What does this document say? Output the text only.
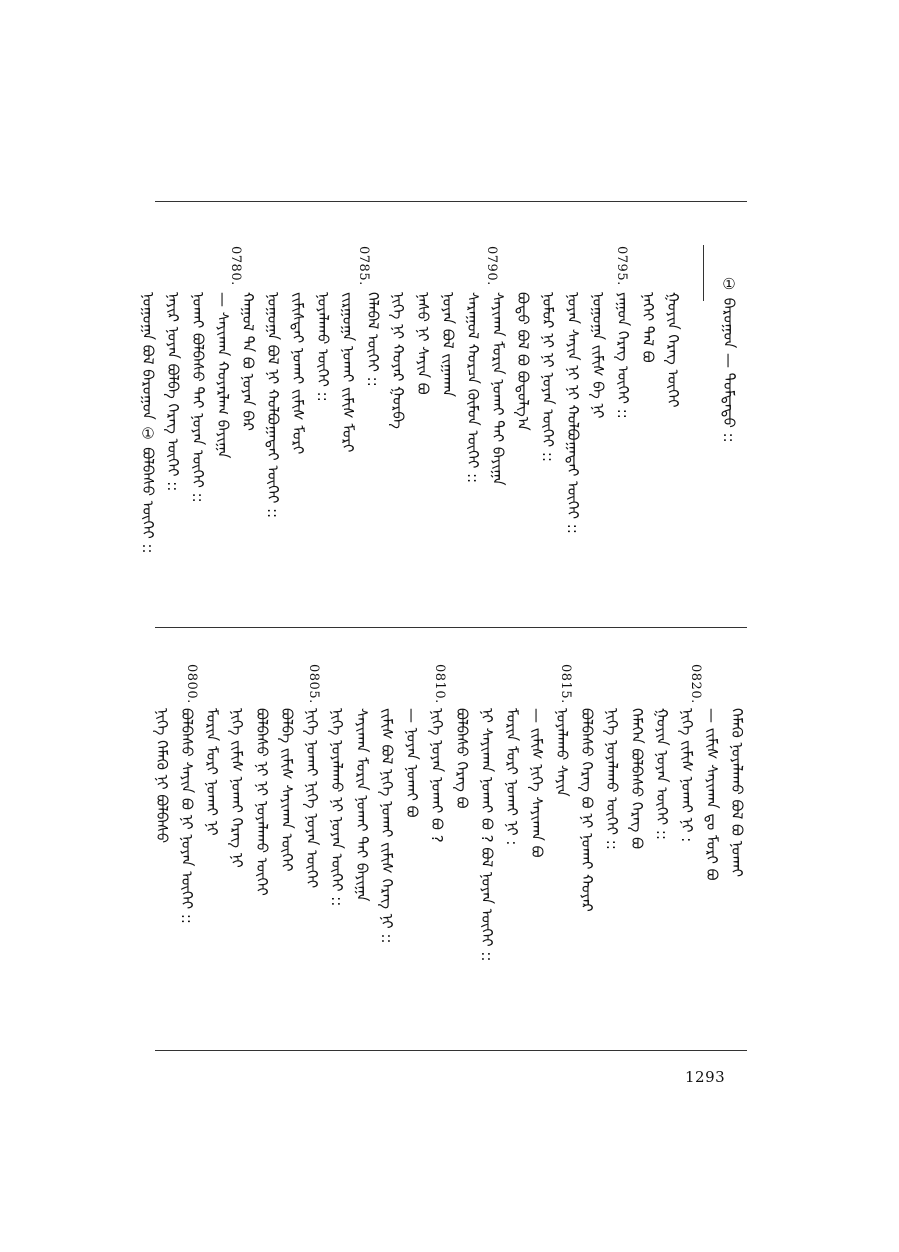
① ᠪᠠᠷᠤᠭᠤᠨ — ᠳᠤᠮᠳᠠᠳᠤ ::
0795.
0790.
0785.
0780.
ᠭᠤᠶᠢᠨ ᠬᠡᠷᠡᠭ ᠦᠭᠡᠢ
ᠨᠡᠬᠡᠢ ᠳᠡᠯ ᠪᠣ
ᠶᠠᠭᠤᠨ ᠬᠡᠷᠡᠭ ᠦᠭᠡᠢ ::
ᠨᠣᠭᠤᠭᠠ ᠵᠢᠮᠢᠰ ᠪᠠ ᠨᠢ
ᠨᠣᠶᠠᠨ ᠰᠠᠶᠢᠨ ᠨᠢ ᠨᠢ ᠬᠣᠯᠪᠣᠭᠠᠳᠠᠢ ᠦᠭᠡᠢ ::
ᠨᠣᠮᠣᠷ ᠨᠢ ᠨᠢ ᠨᠣᠶᠠᠨ ᠦᠭᠡᠢ ::
ᠪᠣᠳᠣ ᠪᠣᠯ ᠪᠣ ᠪᠣᠳᠣᠯᠭ᠎ᠠ
ᠰᠠᠶᠢᠬᠠᠨ ᠮᠣᠷᠢᠨ ᠨᠣᠬᠠᠢ ᠲᠠᠢ ᠪᠠᠶᠢᠭᠠ
ᠰᠠᠷᠠᠭᠤᠯ ᠬᠤᠷᠴᠠ ᠬᠦᠮᠦᠨ ᠦᠭᠡᠢ ::
ᠨᠣᠶᠠᠨ ᠪᠣᠯ ᠵᠢᠭᠠᠬᠠᠨ
ᠨᠠᠰᠤ ᠨᠢ ᠰᠠᠶᠢᠨ ᠪᠣ
ᠨᠢᠭᠡ ᠨᠢ ᠬᠣᠶᠠᠷ ᠭᠤᠷᠪᠠ
ᠬᠡᠯᠡᠪᠡᠯ ᠦᠭᠡᠢ ::
ᠵᠢᠷᠭᠤᠭᠠ ᠨᠣᠬᠠᠢ ᠵᠢᠮᠢᠰ ᠮᠣᠷᠢ
ᠨᠣᠶᠠᠯᠠᠬᠤ ᠦᠭᠡᠢ ::
ᠵᠢᠮᠢᠰᠲᠡᠢ ᠨᠣᠬᠠᠢ ᠵᠢᠮᠢᠰ ᠮᠣᠷᠢ
ᠨᠣᠭᠤᠭᠠ ᠪᠣᠯ ᠨᠢ ᠬᠣᠯᠪᠣᠭᠠᠳᠠᠢ ᠦᠭᠡᠢ ::
ᠬᠠᠭᠤᠯ ᠲᠠ ᠪᠣ ᠨᠣᠶᠠᠨ ᠪᠡᠷ
— ᠰᠠᠶᠢᠬᠠᠨ ᠬᠣᠶᠠᠷᠯᠠᠭ ᠪᠠᠶᠢᠭᠠ
ᠨᠣᠬᠠᠢ ᠪᠣᠯᠪᠠᠰᠤ ᠲᠠᠢ ᠨᠣᠶᠠᠨ ᠦᠭᠡᠢ ::
ᠨᠠᠶᠢᠷ ᠨᠣᠶᠠᠨ ᠪᠣᠯᠪᠠ ᠬᠡᠷᠡᠭ ᠦᠭᠡᠢ ::
ᠨᠣᠭᠤᠭᠠ ᠪᠣᠯ ᠪᠠᠷᠤᠭᠤᠨ ① ᠪᠣᠯᠪᠠᠰᠤ ᠦᠭᠡᠢ ::
0820.
0815.
0810.
0805.
0800.
ᠬᠡᠮᠡᠬᠦ ᠨᠣᠶᠠᠯᠠᠬᠤ ᠪᠣᠯ ᠪᠣ ᠨᠣᠬᠠᠢ
— ᠵᠢᠮᠢᠰ ᠰᠠᠶᠢᠬᠠᠨ ᠳᠤ ᠮᠣᠷᠢ ᠪᠣ
ᠨᠢᠭᠡ ᠵᠢᠮᠢᠰ ᠨᠣᠬᠠᠢ ᠨᠢ :
ᠭᠤᠶᠢᠨ ᠨᠣᠶᠠᠨ ᠦᠭᠡᠢ ::
ᠬᠡᠮᠡᠭᠡᠨ ᠪᠣᠯᠪᠠᠰᠤ ᠬᠡᠷᠡᠭ ᠪᠣ
ᠨᠢᠭᠡ ᠨᠣᠶᠠᠯᠠᠬᠤ ᠦᠭᠡᠢ ::
ᠪᠣᠯᠪᠠᠰᠤ ᠬᠡᠷᠡᠭ ᠪᠣ ᠨᠢ ᠨᠣᠬᠠᠢ ᠬᠣᠶᠠᠷ
ᠨᠣᠶᠠᠯᠠᠬᠤ ᠰᠠᠶᠢᠨ
— ᠵᠢᠮᠢᠰ ᠨᠢᠭᠡ ᠰᠠᠶᠢᠬᠠᠨ ᠪᠣ
ᠮᠣᠷᠢᠨ ᠮᠣᠷᠢ ᠨᠣᠬᠠᠢ ᠨᠢ :
ᠨᠢ ᠰᠠᠶᠢᠬᠠᠨ ᠨᠣᠬᠠᠢ ᠪᠣ ? ᠪᠣᠯ ᠨᠣᠶᠠᠨ ᠦᠭᠡᠢ ::
ᠪᠣᠯᠪᠠᠰᠤ ᠬᠡᠷᠡᠭ ᠪᠣ
ᠨᠢᠭᠡ ᠨᠣᠶᠠᠨ ᠨᠣᠬᠠᠢ ᠪᠣ ?
— ᠨᠣᠶᠠᠨ ᠨᠣᠬᠠᠢ ᠪᠣ
ᠵᠢᠮᠢᠰ ᠪᠣᠯ ᠨᠢᠭᠡ ᠨᠣᠬᠠᠢ ᠵᠢᠮᠢᠰ ᠬᠡᠷᠡᠭ ᠨᠢ ::
ᠰᠠᠶᠢᠬᠠᠨ ᠮᠣᠷᠢᠨ ᠨᠣᠬᠠᠢ ᠲᠠᠢ ᠪᠠᠶᠢᠭᠠ
ᠨᠢᠭᠡ ᠨᠣᠶᠠᠯᠠᠬᠤ ᠨᠢ ᠨᠣᠶᠠᠨ ᠦᠭᠡᠢ ::
ᠨᠢᠭᠡ ᠨᠣᠬᠠᠢ ᠨᠢᠭᠡ ᠨᠣᠶᠠᠨ ᠦᠭᠡᠢ
ᠪᠣᠯᠪᠠ ᠵᠢᠮᠢᠰ ᠰᠠᠶᠢᠬᠠᠨ ᠦᠭᠡᠢ
ᠪᠣᠯᠪᠠᠰᠤ ᠨᠢ ᠨᠢ ᠨᠣᠶᠠᠯᠠᠬᠤ ᠦᠭᠡᠢ
ᠨᠢᠭᠡ ᠵᠢᠮᠢᠰ ᠨᠣᠬᠠᠢ ᠬᠡᠷᠡᠭ ᠨᠢ
ᠮᠣᠷᠢᠨ ᠮᠣᠷᠢ ᠨᠣᠬᠠᠢ ᠨᠢ
ᠪᠣᠯᠪᠠᠰᠤ ᠰᠠᠶᠢᠨ ᠪᠣ ᠨᠢ ᠨᠣᠶᠠᠨ ᠦᠭᠡᠢ ::
ᠨᠢᠭᠡ ᠬᠡᠮᠡᠬᠦ ᠨᠢ ᠪᠣᠯᠪᠠᠰᠤ
1293
